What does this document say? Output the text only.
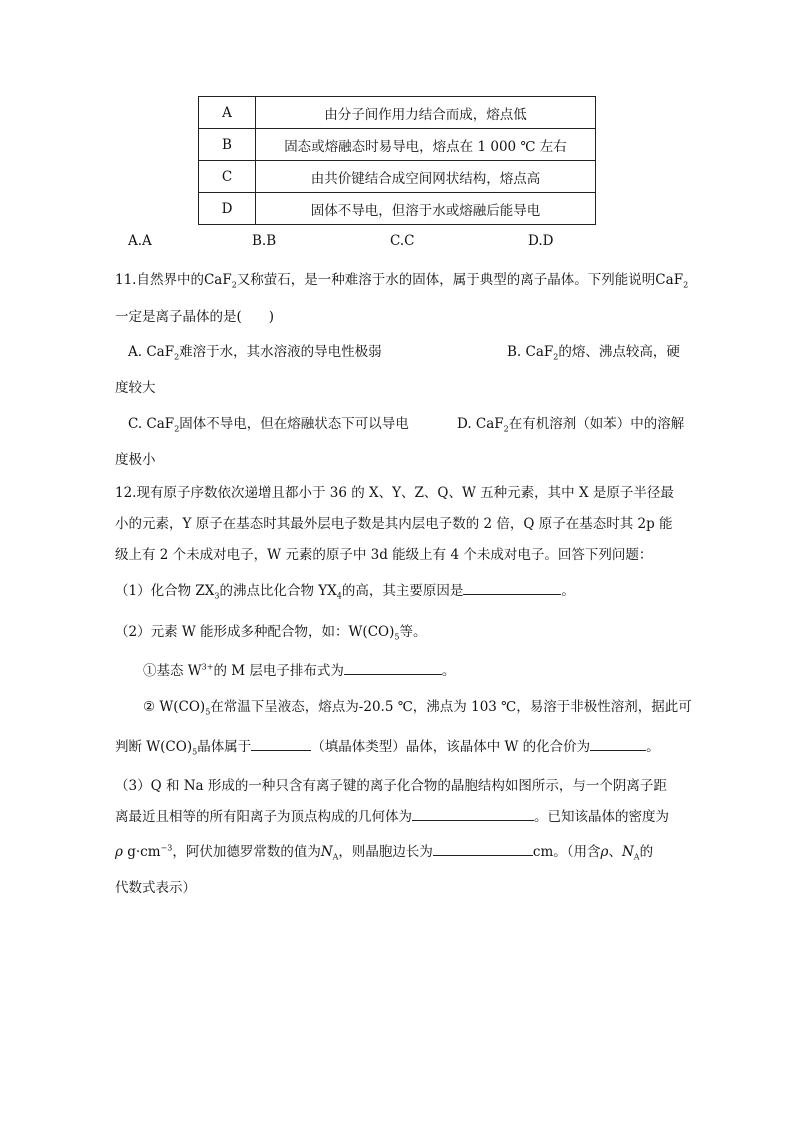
A	由分子间作用力结合而成，熔点低
B	固态或熔融态时易导电，熔点在 1 000 ℃ 左右
C	由共价键结合成空间网状结构，熔点高
D	固体不导电，但溶于水或熔融后能导电
A.A	B.B	C.C	D.D
11.自然界中的CaF$_2$又称萤石，是一种难溶于水的固体，属于典型的离子晶体。下列能说明CaF$_2$
一定是离子晶体的是(　　)
A. CaF$_2$难溶于水，其水溶液的导电性极弱	B. CaF$_2$的熔、沸点较高，硬
度较大
C. CaF$_2$固体不导电，但在熔融状态下可以导电	D. CaF$_2$在有机溶剂（如苯）中的溶解
度极小
12.现有原子序数依次递增且都小于 36 的 X、Y、Z、Q、W 五种元素，其中 X 是原子半径最
小的元素，Y 原子在基态时其最外层电子数是其内层电子数的 2 倍，Q 原子在基态时其 2p 能
级上有 2 个未成对电子，W 元素的原子中 3d 能级上有 4 个未成对电子。回答下列问题：
（1）化合物 $ZX_3$的沸点比化合物 $YX_4$的高，其主要原因是	。
（2）元素 W 能形成多种配合物，如：$W(CO)_5$等。
①基态 $W^{3+}$的 M 层电子排布式为	。
② $W(CO)_5$在常温下呈液态，熔点为-20.5 ℃，沸点为 103 ℃，易溶于非极性溶剂，据此可
判断 $W(CO)_5$晶体属于	（填晶体类型）晶体，该晶体中 W 的化合价为	。
（3）Q 和 Na 形成的一种只含有离子键的离子化合物的晶胞结构如图所示，与一个阴离子距
离最近且相等的所有阳离子为顶点构成的几何体为	。已知该晶体的密度为
ρ $g\cdot cm^{-3}$，阿伏加德罗常数的值为$N_A$，则晶胞边长为	cm。（用含ρ、$N_A$的
代数式表示）
